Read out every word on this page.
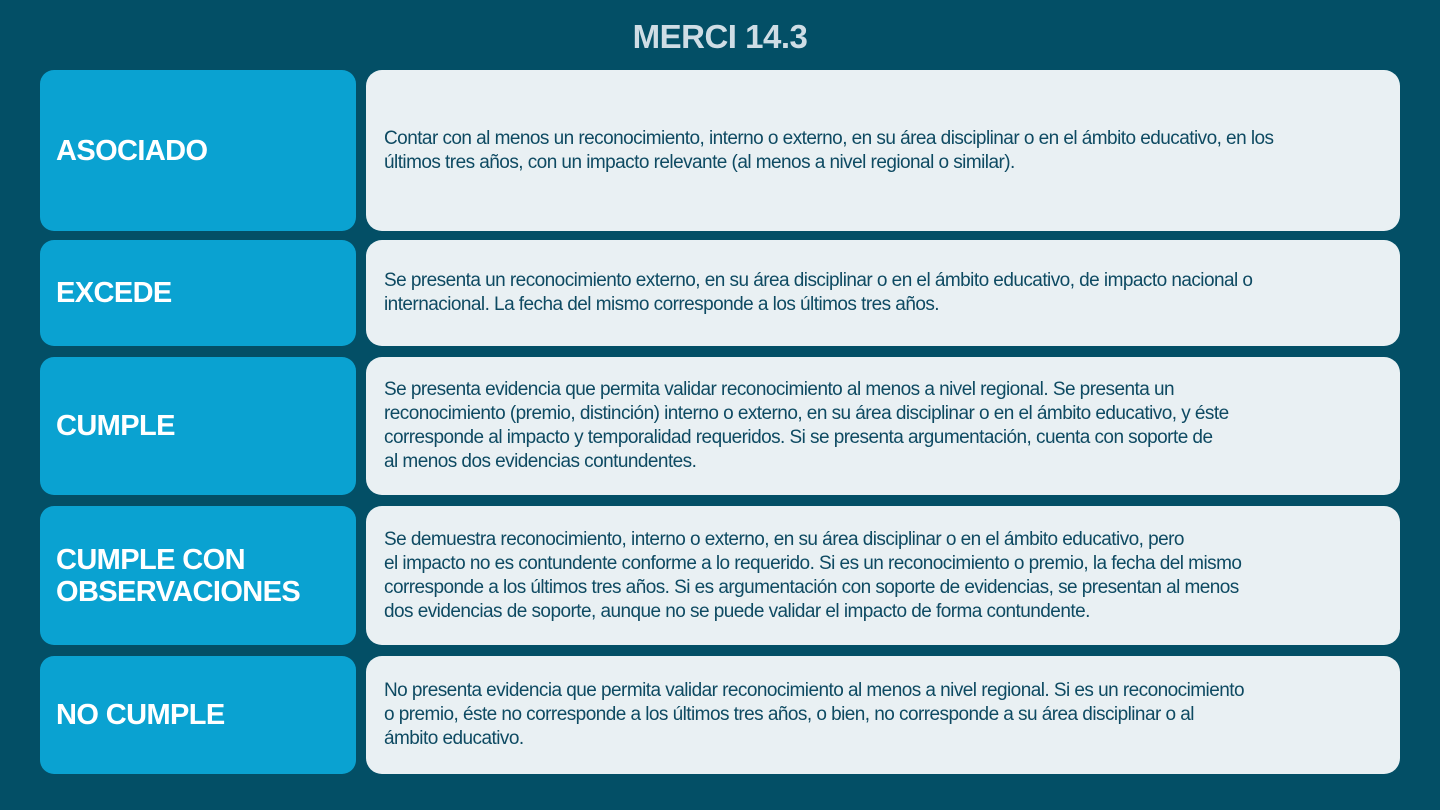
MERCI 14.3
ASOCIADO	Contar con al menos un reconocimiento, interno o externo, en su área disciplinar o en el ámbito educativo, en los
últimos tres años, con un impacto relevante (al menos a nivel regional o similar).
EXCEDE	Se presenta un reconocimiento externo, en su área disciplinar o en el ámbito educativo, de impacto nacional o
internacional. La fecha del mismo corresponde a los últimos tres años.
CUMPLE
Se presenta evidencia que permita validar reconocimiento al menos a nivel regional. Se presenta un
reconocimiento (premio, distinción) interno o externo, en su área disciplinar o en el ámbito educativo, y éste
corresponde al impacto y temporalidad requeridos. Si se presenta argumentación, cuenta con soporte de
al menos dos evidencias contundentes.
CUMPLE CON
OBSERVACIONES
Se demuestra reconocimiento, interno o externo, en su área disciplinar o en el ámbito educativo, pero
el impacto no es contundente conforme a lo requerido. Si es un reconocimiento o premio, la fecha del mismo
corresponde a los últimos tres años. Si es argumentación con soporte de evidencias, se presentan al menos
dos evidencias de soporte, aunque no se puede validar el impacto de forma contundente.
NO CUMPLE
No presenta evidencia que permita validar reconocimiento al menos a nivel regional. Si es un reconocimiento
o premio, éste no corresponde a los últimos tres años, o bien, no corresponde a su área disciplinar o al
ámbito educativo.
